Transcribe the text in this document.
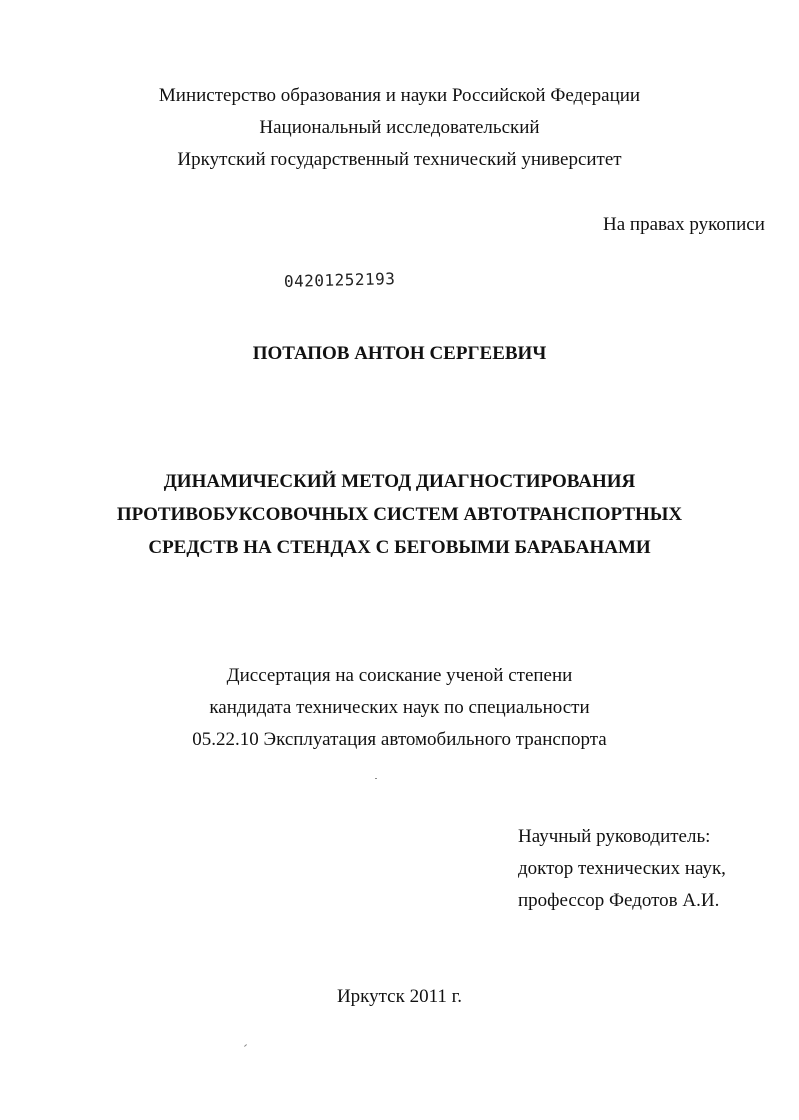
Министерство образования и науки Российской Федерации
Национальный исследовательский
Иркутский государственный технический университет
На правах рукописи
04201252193
ПОТАПОВ АНТОН СЕРГЕЕВИЧ
ДИНАМИЧЕСКИЙ МЕТОД ДИАГНОСТИРОВАНИЯ
ПРОТИВОБУКСОВОЧНЫХ СИСТЕМ АВТОТРАНСПОРТНЫХ
СРЕДСТВ НА СТЕНДАХ С БЕГОВЫМИ БАРАБАНАМИ
Диссертация на соискание ученой степени
кандидата технических наук по специальности
05.22.10 Эксплуатация автомобильного транспорта
Научный руководитель:
доктор технических наук,
профессор Федотов А.И.
Иркутск 2011 г.
